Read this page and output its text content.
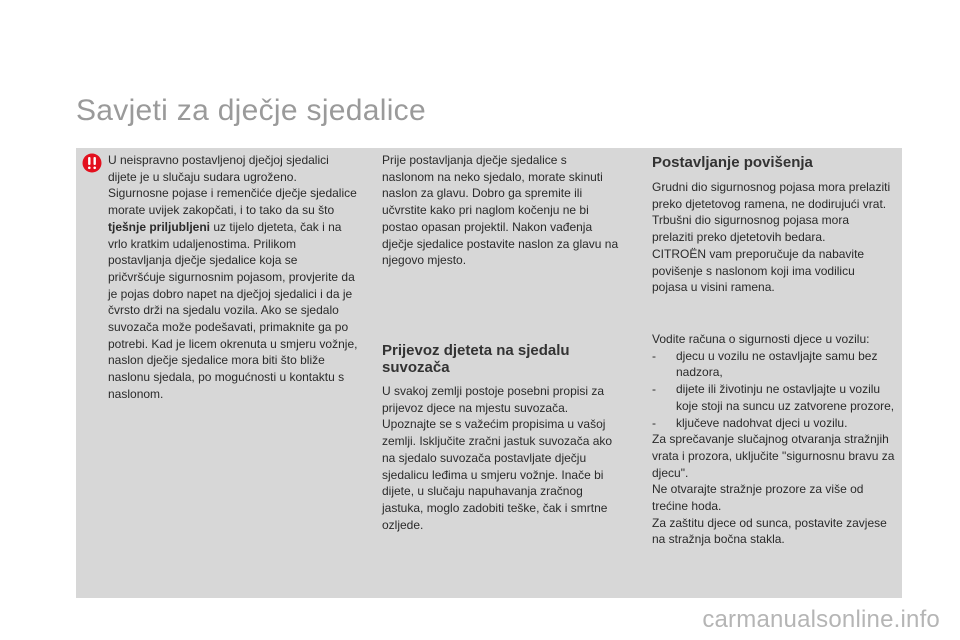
Savjeti za dječje sjedalice

U neispravno postavljenoj dječjoj sjedalici dijete je u slučaju sudara ugroženo. Sigurnosne pojase i remenčiće dječje sjedalice morate uvijek zakopčati, i to tako da su što tješnje priljubljeni uz tijelo djeteta, čak i na vrlo kratkim udaljenostima. Prilikom postavljanja dječje sjedalice koja se pričvršćuje sigurnosnim pojasom, provjerite da je pojas dobro napet na dječjoj sjedalici i da je čvrsto drži na sjedalu vozila. Ako se sjedalo suvozača može podešavati, primaknite ga po potrebi. Kad je licem okrenuta u smjeru vožnje, naslon dječje sjedalice mora biti što bliže naslonu sjedala, po mogućnosti u kontaktu s naslonom.

Prije postavljanja dječje sjedalice s naslonom na neko sjedalo, morate skinuti naslon za glavu. Dobro ga spremite ili učvrstite kako pri naglom kočenju ne bi postao opasan projektil. Nakon vađenja dječje sjedalice postavite naslon za glavu na njegovo mjesto.

Prijevoz djeteta na sjedalu suvozača

U svakoj zemlji postoje posebni propisi za prijevoz djece na mjestu suvozača. Upoznajte se s važećim propisima u vašoj zemlji. Isključite zračni jastuk suvozača ako na sjedalo suvozača postavljate dječju sjedalicu leđima u smjeru vožnje. Inače bi dijete, u slučaju napuhavanja zračnog jastuka, moglo zadobiti teške, čak i smrtne ozljede.

Postavljanje povišenja

Grudni dio sigurnosnog pojasa mora prelaziti preko djetetovog ramena, ne dodirujući vrat.

Trbušni dio sigurnosnog pojasa mora prelaziti preko djetetovih bedara.

CITROËN vam preporučuje da nabavite povišenje s naslonom koji ima vodilicu pojasa u visini ramena.

Vodite računa o sigurnosti djece u vozilu:

-	djecu u vozilu ne ostavljajte samu bez nadzora,
-	dijete ili životinju ne ostavljajte u vozilu koje stoji na suncu uz zatvorene prozore,
-	ključeve nadohvat djeci u vozilu.

Za sprečavanje slučajnog otvaranja stražnjih vrata i prozora, uključite "sigurnosnu bravu za djecu".

Ne otvarajte stražnje prozore za više od trećine hoda.

Za zaštitu djece od sunca, postavite zavjese na stražnja bočna stakla.

carmanualsonline.info
